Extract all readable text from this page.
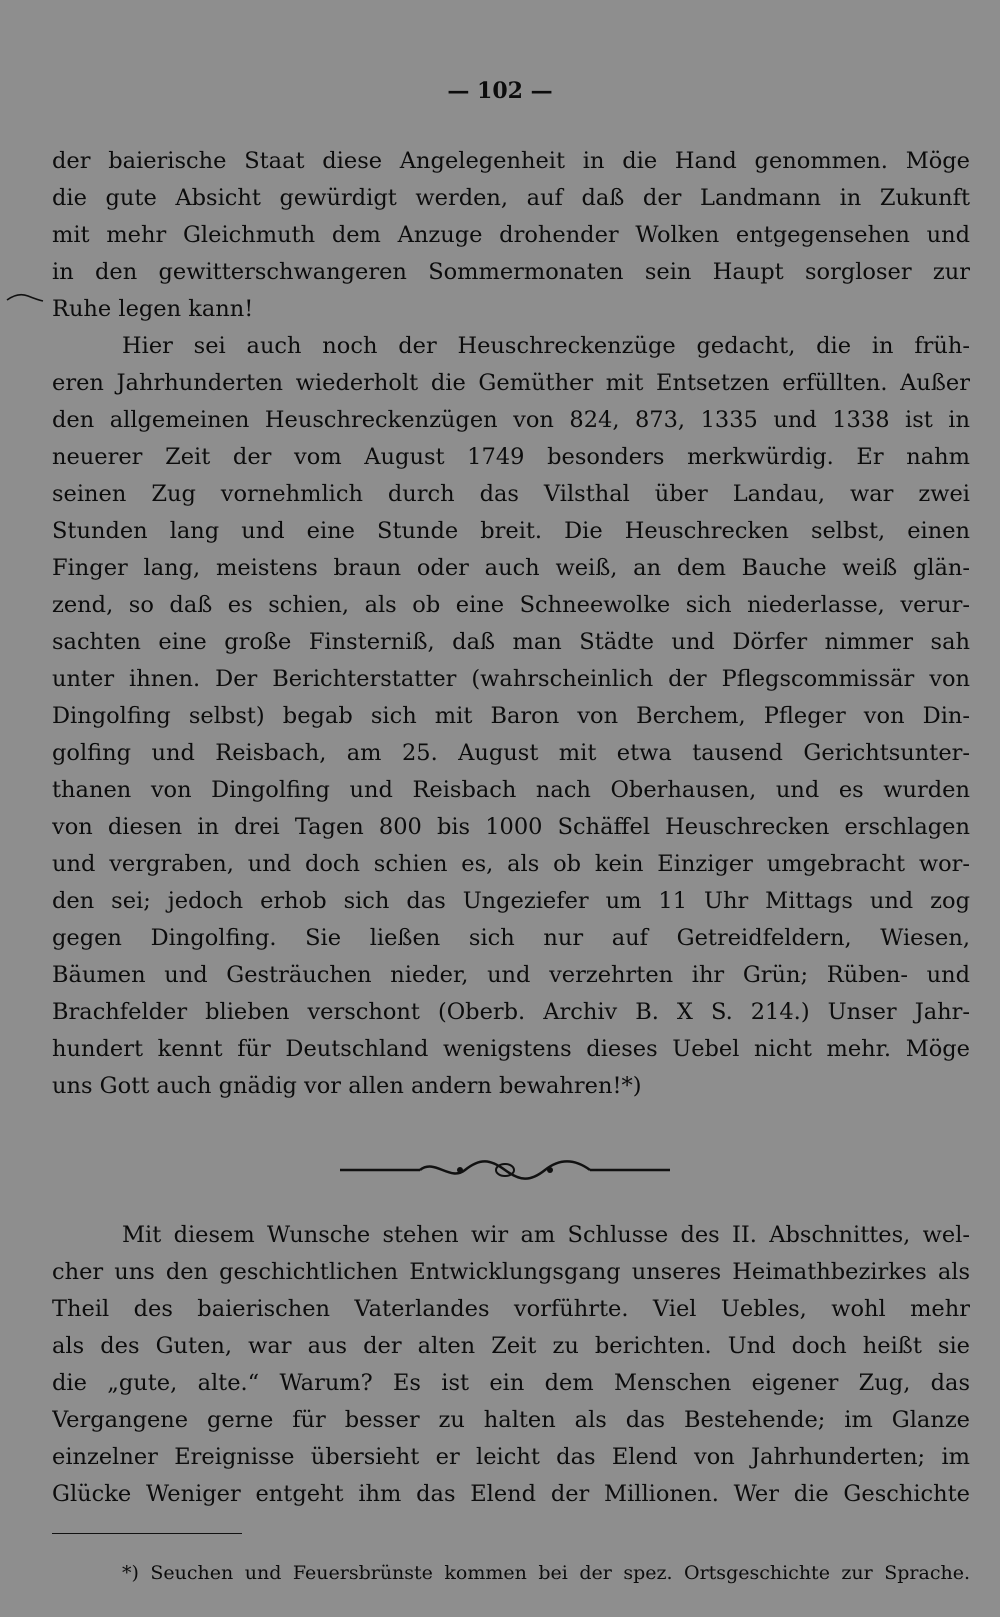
— 102 —
der baierische Staat diese Angelegenheit in die Hand genommen. Möge
die gute Absicht gewürdigt werden, auf daß der Landmann in Zukunft
mit mehr Gleichmuth dem Anzuge drohender Wolken entgegensehen und
in den gewitterschwangeren Sommermonaten sein Haupt sorgloser zur
Ruhe legen kann!
Hier sei auch noch der Heuschreckenzüge gedacht, die in früh-
eren Jahrhunderten wiederholt die Gemüther mit Entsetzen erfüllten. Außer
den allgemeinen Heuschreckenzügen von 824, 873, 1335 und 1338 ist in
neuerer Zeit der vom August 1749 besonders merkwürdig. Er nahm
seinen Zug vornehmlich durch das Vilsthal über Landau, war zwei
Stunden lang und eine Stunde breit. Die Heuschrecken selbst, einen
Finger lang, meistens braun oder auch weiß, an dem Bauche weiß glän-
zend, so daß es schien, als ob eine Schneewolke sich niederlasse, verur-
sachten eine große Finsterniß, daß man Städte und Dörfer nimmer sah
unter ihnen. Der Berichterstatter (wahrscheinlich der Pflegscommissär von
Dingolfing selbst) begab sich mit Baron von Berchem, Pfleger von Din-
golfing und Reisbach, am 25. August mit etwa tausend Gerichtsunter-
thanen von Dingolfing und Reisbach nach Oberhausen, und es wurden
von diesen in drei Tagen 800 bis 1000 Schäffel Heuschrecken erschlagen
und vergraben, und doch schien es, als ob kein Einziger umgebracht wor-
den sei; jedoch erhob sich das Ungeziefer um 11 Uhr Mittags und zog
gegen Dingolfing. Sie ließen sich nur auf Getreidfeldern, Wiesen,
Bäumen und Gesträuchen nieder, und verzehrten ihr Grün; Rüben- und
Brachfelder blieben verschont (Oberb. Archiv B. X S. 214.) Unser Jahr-
hundert kennt für Deutschland wenigstens dieses Uebel nicht mehr. Möge
uns Gott auch gnädig vor allen andern bewahren!*)
Mit diesem Wunsche stehen wir am Schlusse des II. Abschnittes, wel-
cher uns den geschichtlichen Entwicklungsgang unseres Heimathbezirkes als
Theil des baierischen Vaterlandes vorführte. Viel Uebles, wohl mehr
als des Guten, war aus der alten Zeit zu berichten. Und doch heißt sie
die „gute, alte.“ Warum? Es ist ein dem Menschen eigener Zug, das
Vergangene gerne für besser zu halten als das Bestehende; im Glanze
einzelner Ereignisse übersieht er leicht das Elend von Jahrhunderten; im
Glücke Weniger entgeht ihm das Elend der Millionen. Wer die Geschichte
*) Seuchen und Feuersbrünste kommen bei der spez. Ortsgeschichte zur Sprache.
